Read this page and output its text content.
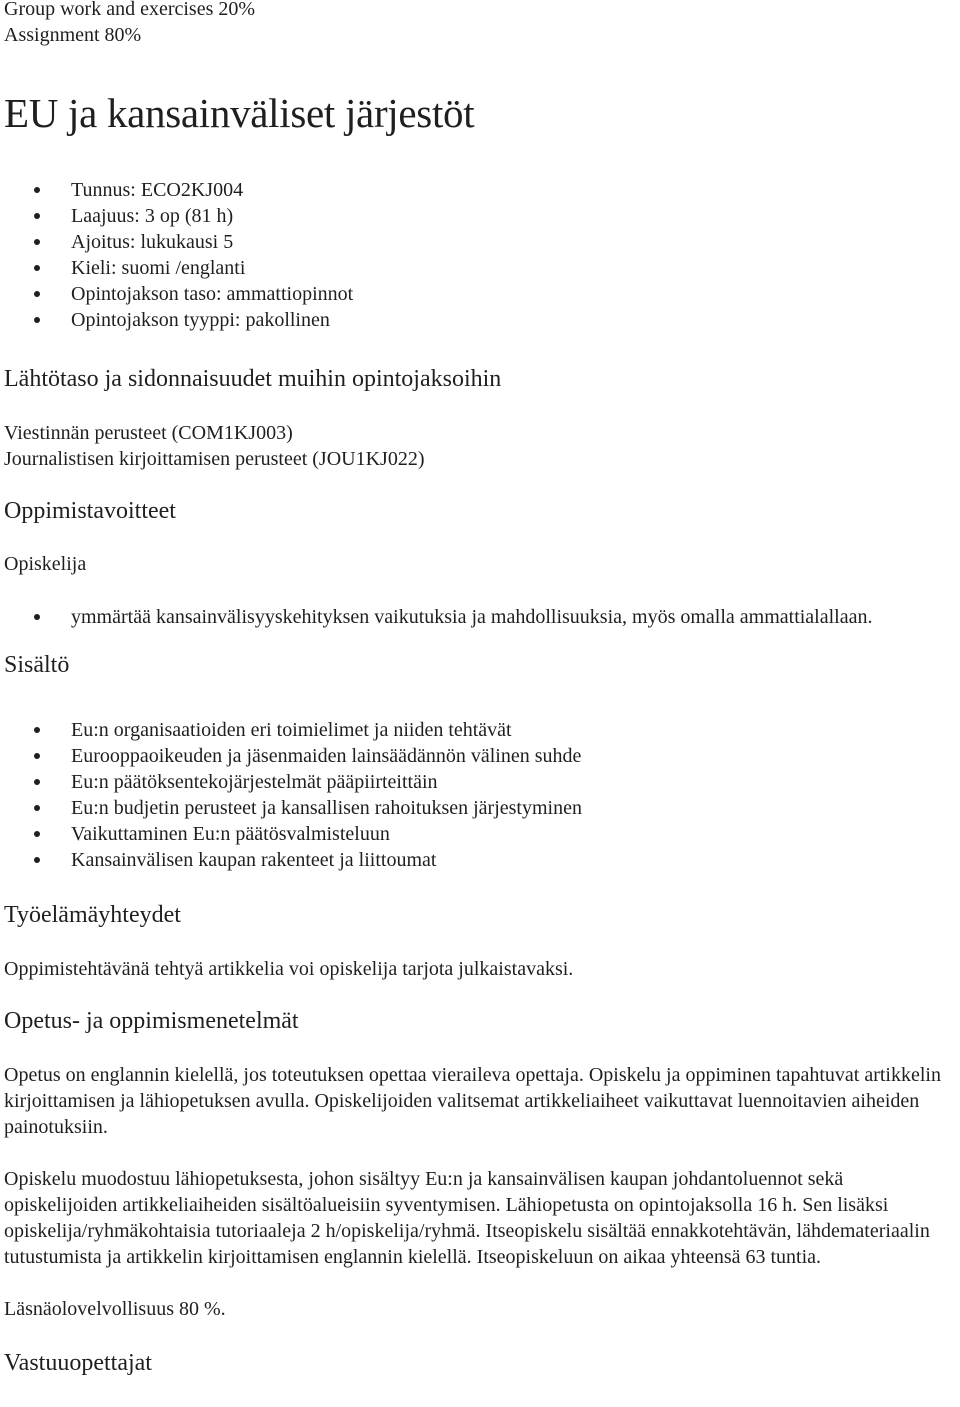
Group work and exercises 20%

Assignment 80%

EU ja kansainväliset järjestöt
Tunnus: ECO2KJ004
Laajuus: 3 op (81 h)
Ajoitus: lukukausi 5
Kieli: suomi /englanti
Opintojakson taso: ammattiopinnot
Opintojakson tyyppi: pakollinen
Lähtötaso ja sidonnaisuudet muihin opintojaksoihin

Viestinnän perusteet (COM1KJ003)
Journalistisen kirjoittamisen perusteet (JOU1KJ022)

Oppimistavoitteet

Opiskelija

ymmärtää kansainvälisyyskehityksen vaikutuksia ja mahdollisuuksia, myös omalla ammattialallaan.
Sisältö
Eu:n organisaatioiden eri toimielimet ja niiden tehtävät
Eurooppaoikeuden ja jäsenmaiden lainsäädännön välinen suhde
Eu:n päätöksentekojärjestelmät pääpiirteittäin
Eu:n budjetin perusteet ja kansallisen rahoituksen järjestyminen
Vaikuttaminen Eu:n päätösvalmisteluun
Kansainvälisen kaupan rakenteet ja liittoumat
Työelämäyhteydet

Oppimistehtävänä tehtyä artikkelia voi opiskelija tarjota julkaistavaksi.

Opetus- ja oppimismenetelmät

Opetus on englannin kielellä, jos toteutuksen opettaa vieraileva opettaja. Opiskelu ja oppiminen tapahtuvat artikkelin kirjoittamisen ja lähiopetuksen avulla. Opiskelijoiden valitsemat artikkeliaiheet vaikuttavat luennoitavien aiheiden painotuksiin.

Opiskelu muodostuu lähiopetuksesta, johon sisältyy Eu:n ja kansainvälisen kaupan johdantoluennot sekä opiskelijoiden artikkeliaiheiden sisältöalueisiin syventymisen. Lähiopetusta on opintojaksolla 16 h. Sen lisäksi opiskelija/ryhmäkohtaisia tutoriaaleja 2 h/opiskelija/ryhmä. Itseopiskelu sisältää ennakkotehtävän, lähdemateriaalin tutustumista ja artikkelin kirjoittamisen englannin kielellä. Itseopiskeluun on aikaa yhteensä 63 tuntia.

Läsnäolovelvollisuus 80 %.

Vastuuopettajat
